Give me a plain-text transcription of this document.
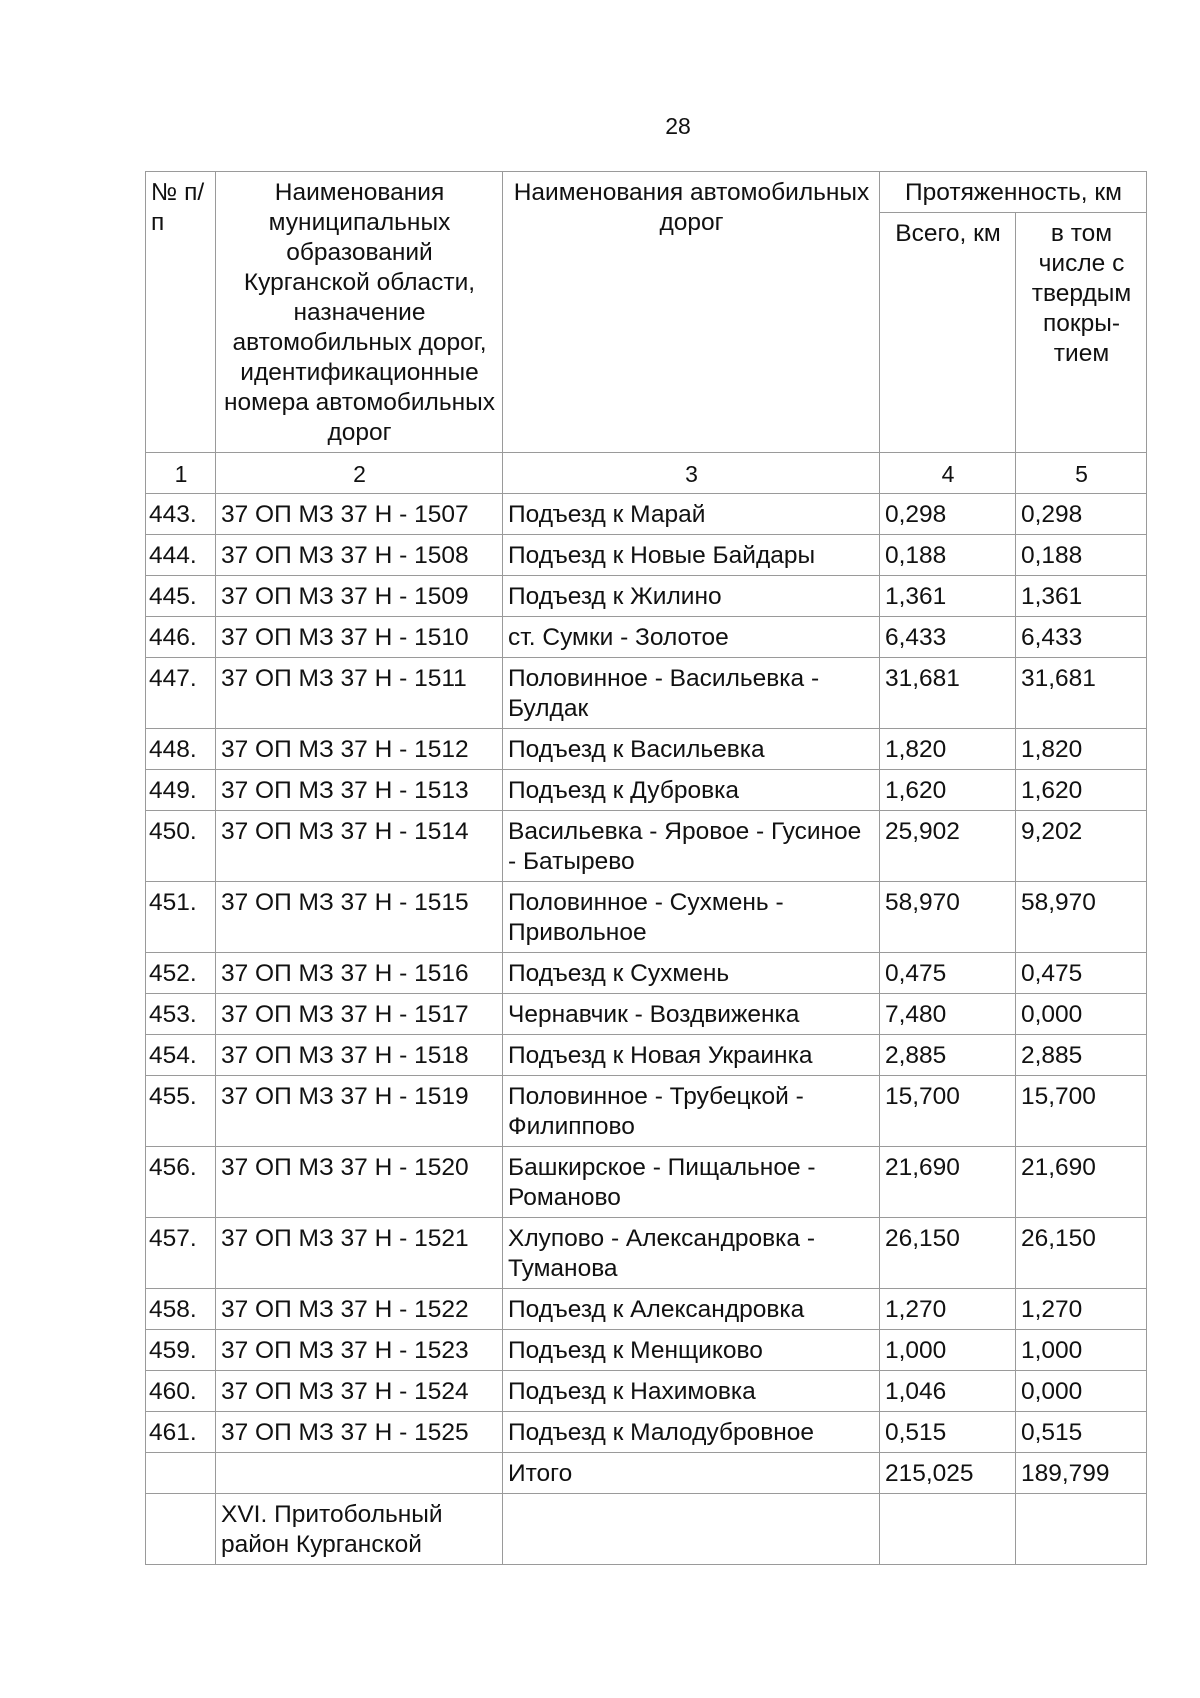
28
№ п/п	Наименования муниципальных образований Курганской области, назначение автомобильных дорог, идентификационные номера автомобильных дорог	Наименования автомобильных дорог	Протяженность, км	
			Всего, км	в том числе с твердым покры-тием
1	2	3	4	5
443.	37 ОП МЗ 37 Н - 1507	Подъезд к Марай	0,298	0,298
444.	37 ОП МЗ 37 Н - 1508	Подъезд к Новые Байдары	0,188	0,188
445.	37 ОП МЗ 37 Н - 1509	Подъезд к Жилино	1,361	1,361
446.	37 ОП МЗ 37 Н - 1510	ст. Сумки - Золотое	6,433	6,433
447.	37 ОП МЗ 37 Н - 1511	Половинное - Васильевка - Булдак	31,681	31,681
448.	37 ОП МЗ 37 Н - 1512	Подъезд к Васильевка	1,820	1,820
449.	37 ОП МЗ 37 Н - 1513	Подъезд к Дубровка	1,620	1,620
450.	37 ОП МЗ 37 Н - 1514	Васильевка - Яровое - Гусиное - Батырево	25,902	9,202
451.	37 ОП МЗ 37 Н - 1515	Половинное - Сухмень - Привольное	58,970	58,970
452.	37 ОП МЗ 37 Н - 1516	Подъезд к Сухмень	0,475	0,475
453.	37 ОП МЗ 37 Н - 1517	Чернавчик - Воздвиженка	7,480	0,000
454.	37 ОП МЗ 37 Н - 1518	Подъезд к Новая Украинка	2,885	2,885
455.	37 ОП МЗ 37 Н - 1519	Половинное - Трубецкой - Филиппово	15,700	15,700
456.	37 ОП МЗ 37 Н - 1520	Башкирское - Пищальное - Романово	21,690	21,690
457.	37 ОП МЗ 37 Н - 1521	Хлупово - Александровка - Туманова	26,150	26,150
458.	37 ОП МЗ 37 Н - 1522	Подъезд к Александровка	1,270	1,270
459.	37 ОП МЗ 37 Н - 1523	Подъезд к Менщиково	1,000	1,000
460.	37 ОП МЗ 37 Н - 1524	Подъезд к Нахимовка	1,046	0,000
461.	37 ОП МЗ 37 Н - 1525	Подъезд к Малодубровное	0,515	0,515
		Итого	215,025	189,799
	XVI. Притобольный район Курганской			
